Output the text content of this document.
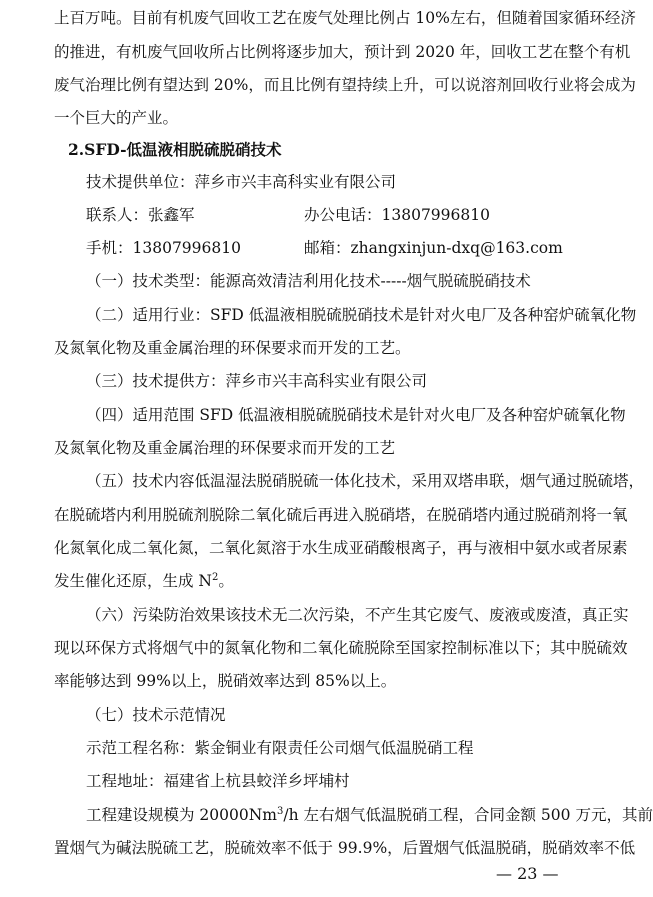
上百万吨。目前有机废气回收工艺在废气处理比例占 10%左右，但随着国家循环经济
的推进，有机废气回收所占比例将逐步加大，预计到 2020 年，回收工艺在整个有机
废气治理比例有望达到 20%，而且比例有望持续上升，可以说溶剂回收行业将会成为
一个巨大的产业。
2.SFD-低温液相脱硫脱硝技术
技术提供单位：萍乡市兴丰高科实业有限公司
联系人：张鑫军	办公电话：13807996810
手机：13807996810	邮箱：zhangxinjun-dxq@163.com
（一）技术类型：能源高效清洁利用化技术-----烟气脱硫脱硝技术
（二）适用行业：SFD 低温液相脱硫脱硝技术是针对火电厂及各种窑炉硫氧化物
及氮氧化物及重金属治理的环保要求而开发的工艺。
（三）技术提供方：萍乡市兴丰高科实业有限公司
（四）适用范围 SFD 低温液相脱硫脱硝技术是针对火电厂及各种窑炉硫氧化物
及氮氧化物及重金属治理的环保要求而开发的工艺
（五）技术内容低温湿法脱硝脱硫一体化技术，采用双塔串联，烟气通过脱硫塔，
在脱硫塔内利用脱硫剂脱除二氧化硫后再进入脱硝塔，在脱硝塔内通过脱硝剂将一氧
化氮氧化成二氧化氮，二氧化氮溶于水生成亚硝酸根离子，再与液相中氨水或者尿素
发生催化还原，生成 $N^2$。
（六）污染防治效果该技术无二次污染，不产生其它废气、废液或废渣，真正实
现以环保方式将烟气中的氮氧化物和二氧化硫脱除至国家控制标准以下；其中脱硫效
率能够达到 99%以上，脱硝效率达到 85%以上。
（七）技术示范情况
示范工程名称：紫金铜业有限责任公司烟气低温脱硝工程
工程地址：福建省上杭县蛟洋乡坪埔村
工程建设规模为 20000Nm$^3$/h 左右烟气低温脱硝工程，合同金额 500 万元，其前
置烟气为碱法脱硫工艺，脱硫效率不低于 99.9%，后置烟气低温脱硝，脱硝效率不低
— 23 —
